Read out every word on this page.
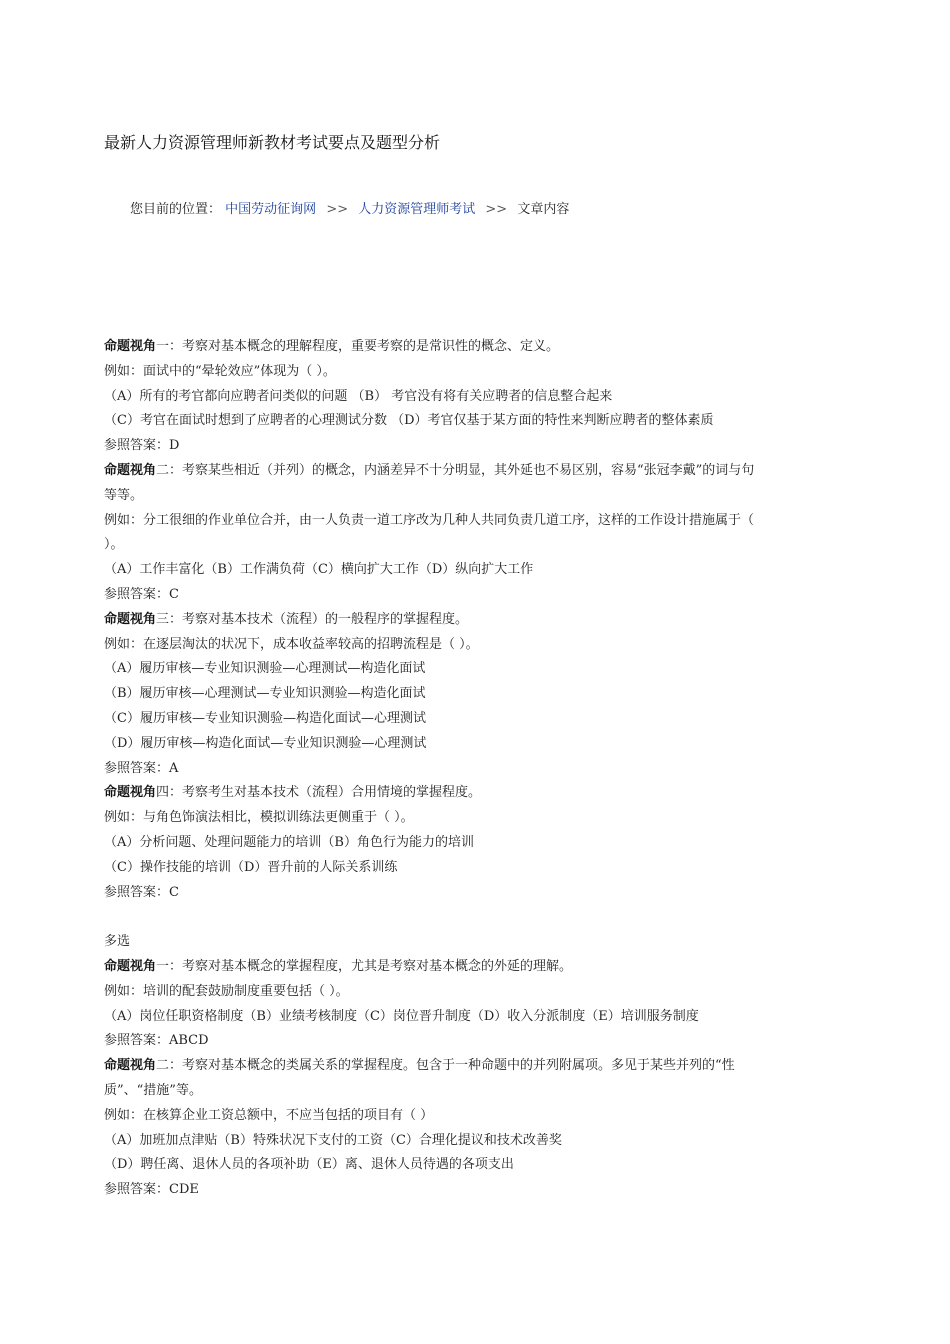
最新人力资源管理师新教材考试要点及题型分析
您目前的位置： 中国劳动征询网 >> 人力资源管理师考试 >> 文章内容

命题视角一：考察对基本概念的理解程度，重要考察的是常识性的概念、定义。

例如：面试中的“晕轮效应”体现为（ ）。

（A）所有的考官都向应聘者问类似的问题 （B） 考官没有将有关应聘者的信息整合起来

（C）考官在面试时想到了应聘者的心理测试分数 （D）考官仅基于某方面的特性来判断应聘者的整体素质

参照答案：D

命题视角二：考察某些相近（并列）的概念，内涵差异不十分明显，其外延也不易区别，容易“张冠李戴”的词与句

等等。

例如：分工很细的作业单位合并，由一人负责一道工序改为几种人共同负责几道工序，这样的工作设计措施属于（

）。

（A）工作丰富化（B）工作满负荷（C）横向扩大工作（D）纵向扩大工作

参照答案：C

命题视角三：考察对基本技术（流程）的一般程序的掌握程度。

例如：在逐层淘汰的状况下，成本收益率较高的招聘流程是（ ）。

（A）履历审核—专业知识测验—心理测试—构造化面试

（B）履历审核—心理测试—专业知识测验—构造化面试

（C）履历审核—专业知识测验—构造化面试—心理测试

（D）履历审核—构造化面试—专业知识测验—心理测试

参照答案：A

命题视角四：考察考生对基本技术（流程）合用情境的掌握程度。

例如：与角色饰演法相比，模拟训练法更侧重于（ ）。

（A）分析问题、处理问题能力的培训（B）角色行为能力的培训

（C）操作技能的培训（D）晋升前的人际关系训练

参照答案：C

多选

命题视角一：考察对基本概念的掌握程度，尤其是考察对基本概念的外延的理解。

例如：培训的配套鼓励制度重要包括（ ）。

（A）岗位任职资格制度（B）业绩考核制度（C）岗位晋升制度（D）收入分派制度（E）培训服务制度

参照答案：ABCD

命题视角二：考察对基本概念的类属关系的掌握程度。包含于一种命题中的并列附属项。多见于某些并列的“性

质”、“措施”等。

例如：在核算企业工资总额中，不应当包括的项目有（ ）

（A）加班加点津贴（B）特殊状况下支付的工资（C）合理化提议和技术改善奖

（D）聘任离、退休人员的各项补助（E）离、退休人员待遇的各项支出

参照答案：CDE
